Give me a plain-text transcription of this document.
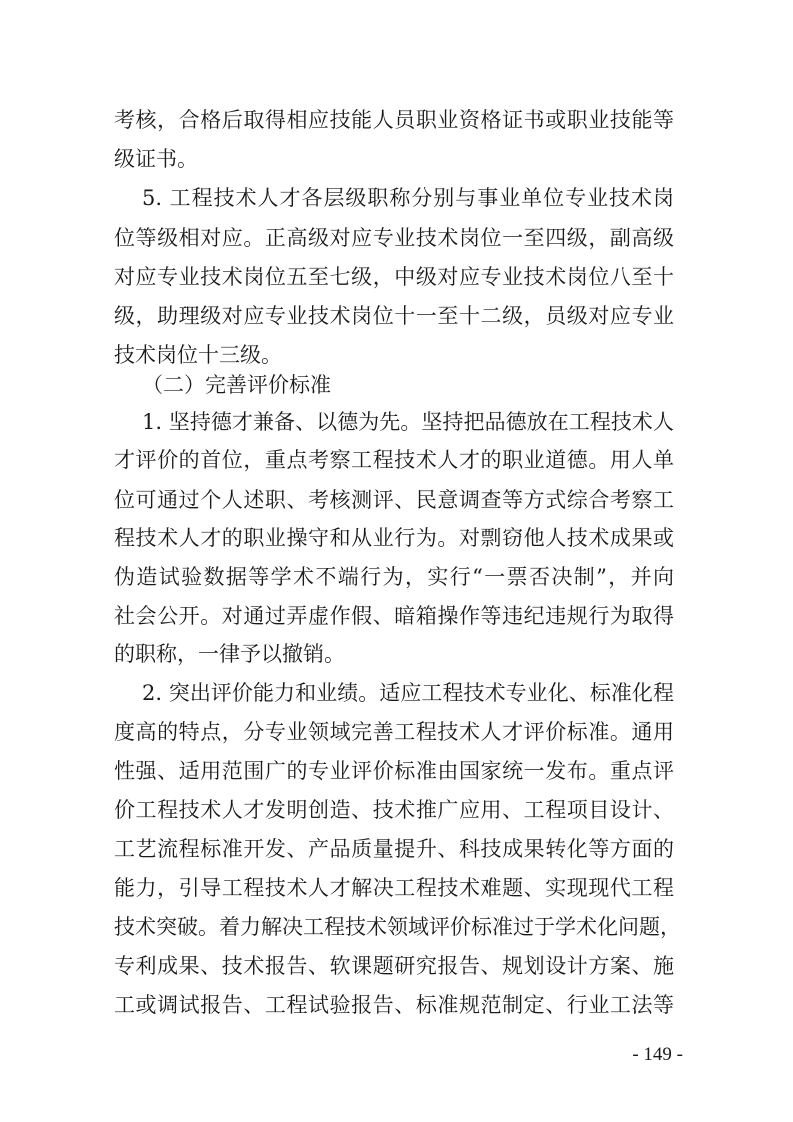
考核，合格后取得相应技能人员职业资格证书或职业技能等
级证书。
5. 工程技术人才各层级职称分别与事业单位专业技术岗
位等级相对应。正高级对应专业技术岗位一至四级，副高级
对应专业技术岗位五至七级，中级对应专业技术岗位八至十
级，助理级对应专业技术岗位十一至十二级，员级对应专业
技术岗位十三级。
（二）完善评价标准
1. 坚持德才兼备、以德为先。坚持把品德放在工程技术人
才评价的首位，重点考察工程技术人才的职业道德。用人单
位可通过个人述职、考核测评、民意调查等方式综合考察工
程技术人才的职业操守和从业行为。对剽窃他人技术成果或
伪造试验数据等学术不端行为，实行“一票否决制”，并向
社会公开。对通过弄虚作假、暗箱操作等违纪违规行为取得
的职称，一律予以撤销。
2. 突出评价能力和业绩。适应工程技术专业化、标准化程
度高的特点，分专业领域完善工程技术人才评价标准。通用
性强、适用范围广的专业评价标准由国家统一发布。重点评
价工程技术人才发明创造、技术推广应用、工程项目设计、
工艺流程标准开发、产品质量提升、科技成果转化等方面的
能力，引导工程技术人才解决工程技术难题、实现现代工程
技术突破。着力解决工程技术领域评价标准过于学术化问题，
专利成果、技术报告、软课题研究报告、规划设计方案、施
工或调试报告、工程试验报告、标准规范制定、行业工法等
- 149 -
